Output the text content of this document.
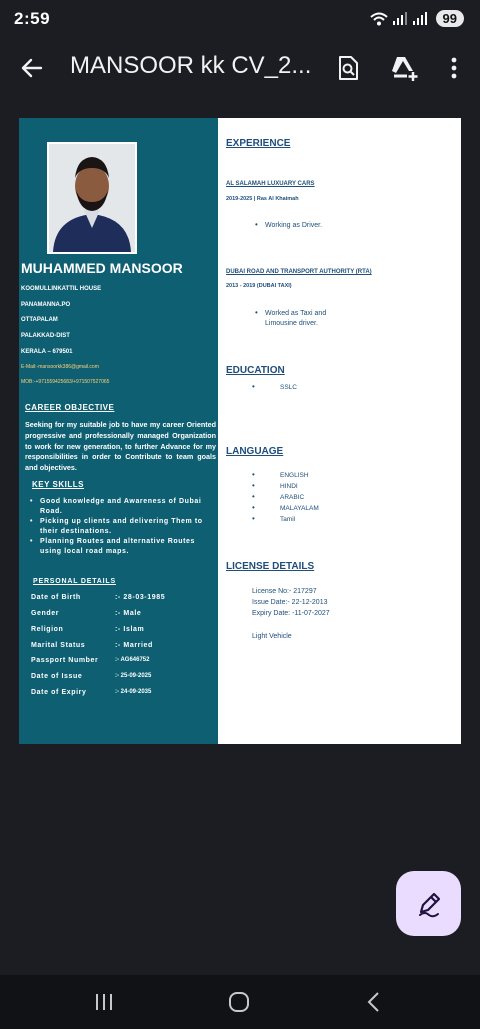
2:59	99
MANSOOR kk CV_2...
MUHAMMED MANSOOR
KOOMULLINKATTIL HOUSE
PANAMANNA.PO
OTTAPALAM
PALAKKAD-DIST
KERALA – 679501
E-Mail:-mansoorkk386@gmail.com
MOB:-+971559425683/+971507527065
CAREER OBJECTIVE
Seeking for my suitable job to have my career Oriented progressive and professionally managed Organization to work for new generation, to further Advance for my responsibilities in order to Contribute to team goals and objectives.
KEY SKILLS
• Good knowledge and Awareness of Dubai Road.
• Picking up clients and delivering Them to their destinations.
• Planning Routes and alternative Routes using local road maps.
PERSONAL DETAILS
Date of Birth	:- 28-03-1985
Gender	:- Male
Religion	:- Islam
Marital Status	:- Married
Passport Number	:- AG646752
Date of Issue	:- 25-09-2025
Date of Expiry	:- 24-09-2035
EXPERIENCE
AL SALAMAH LUXUARY CARS
2019-2025 | Ras Al Khaimah
• Working as Driver.
DUBAI ROAD AND TRANSPORT AUTHORITY (RTA)
2013 - 2019 (DUBAI TAXI)
• Worked as Taxi and
Limousine driver.
EDUCATION
•	SSLC
LANGUAGE
•	ENGLISH
•	HINDI
•	ARABIC
•	MALAYALAM
•	Tamil
LICENSE DETAILS
License No:- 217297
Issue Date:- 22-12-2013
Expiry Date: -11-07-2027
Light Vehicle
